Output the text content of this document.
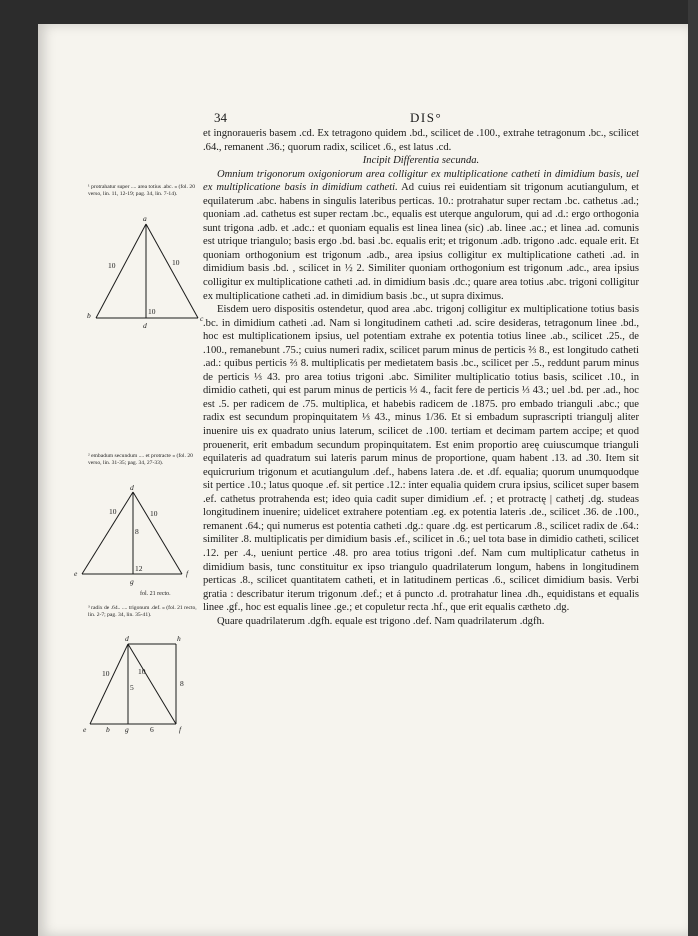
34	DIS°
¹ protrahatur super .... area totius .abc. » (fol. 20 verso, lin. 11, 12-19; pag. 34, lin. 7-14).
a
b	c
d
10	10
10
² embadum secundum .... et protracte » (fol. 20 verso, lin. 31-35; pag. 34, 27-33).
d
e	f
g
10	10
8
12
fol. 21 recto.
³ radix de .64.. .... trigonum .def. » (fol. 21 recto, lin. 2-7; pag. 34, lin. 35-41).
d	h
e	b g	f
10	10
8
5
6

et ingnoraueris basem .cd. Ex tetragono quidem .bd., scilicet de .100., extrahe tetragonum .bc., scilicet .64., remanent .36.; quorum radix, scilicet .6., est latus .cd.

Incipit Differentia secunda.

Omnium trigonorum oxigoniorum area colligitur ex multiplicatione catheti in dimidium basis, uel ex multiplicatione basis in dimidium catheti. Ad cuius rei euidentiam sit trigonum acutiangulum, et equilaterum .abc. habens in singulis lateribus perticas. 10.: protrahatur super rectam .bc. cathetus .ad.; quoniam .ad. cathetus est super rectam .bc., equalis est uterque angulorum, qui ad .d.: ergo orthogonia sunt trigona .adb. et .adc.: et quoniam equalis est linea linea (sic) .ab. linee .ac.; et linea .ad. comunis est utrique triangulo; basis ergo .bd. basi .bc. equalis erit; et trigonum .adb. trigono .adc. equale erit. Et quoniam orthogonium est trigonum .adb., area ipsius colligitur ex multiplicatione catheti .ad. in dimidium basis .bd. , scilicet in ½ 2. Similiter quoniam orthogonium est trigonum .adc., area ipsius colligitur ex multiplicatione catheti .ad. in dimidium basis .dc.; quare area totius .abc. trigoni colligitur ex multiplicatione catheti .ad. in dimidium basis .bc., ut supra diximus.

Eisdem uero dispositis ostendetur, quod area .abc. trigonj colligitur ex multiplicatione totius basis .bc. in dimidium catheti .ad. Nam si longitudinem catheti .ad. scire desideras, tetragonum linee .bd., hoc est multiplicationem ipsius, uel potentiam extrahe ex potentia totius linee .ab., scilicet .25., de .100., remanebunt .75.; cuius numeri radix, scilicet parum minus de perticis ⅔ 8., est longitudo catheti .ad.: quibus perticis ⅔ 8. multiplicatis per medietatem basis .bc., scilicet per .5., reddunt parum minus de perticis ⅓ 43. pro area totius trigoni .abc. Similiter multiplicatio totius basis, scilicet .10., in dimidio catheti, qui est parum minus de perticis ⅓ 4., facit fere de perticis ⅓ 43.; uel .bd. per .ad., hoc est .5. per radicem de .75. multiplica, et habebis radicem de .1875. pro embado trianguli .abc.; que radix est secundum propinquitatem ⅓ 43., minus 1/36. Et si embadum suprascripti triangulj aliter inuenire uis ex quadrato unius laterum, scilicet de .100. tertiam et decimam partem accipe; et quod prouenerit, erit embadum secundum propinquitatem. Est enim proportio areę cuiuscumque trianguli equilateris ad quadratum sui lateris parum minus de proportione, quam habent .13. ad .30. Item sit equicrurium trigonum et acutiangulum .def., habens latera .de. et .df. equalia; quorum unumquodque sit pertice .10.; latus quoque .ef. sit pertice .12.: inter equalia quidem crura ipsius, scilicet super basem .ef. cathetus protrahenda est; ideo quia cadit super dimidium .ef. ; et protractę | cathetj .dg. studeas longitudinem inuenire; uidelicet extrahere potentiam .eg. ex potentia lateris .de., scilicet .36. de .100., remanent .64.; qui numerus est potentia catheti .dg.: quare .dg. est perticarum .8., scilicet radix de .64.: similiter .8. multiplicatis per dimidium basis .ef., scilicet in .6.; uel tota base in dimidio catheti, scilicet .12. per .4., ueniunt pertice .48. pro area totius trigoni .def. Nam cum multiplicatur cathetus in dimidium basis, tunc constituitur ex ipso triangulo quadrilaterum longum, habens in longitudinem perticas .8., scilicet quantitatem catheti, et in latitudinem perticas .6., scilicet dimidium basis. Verbi gratia : describatur iterum trigonum .def.; et á puncto .d. protrahatur linea .dh., equidistans et equalis linee .gf., hoc est equalis linee .ge.; et copuletur recta .hf., que erit equalis cætheto .dg.

Quare quadrilaterum .dgfh. equale est trigono .def. Nam quadrilaterum .dgfh.
